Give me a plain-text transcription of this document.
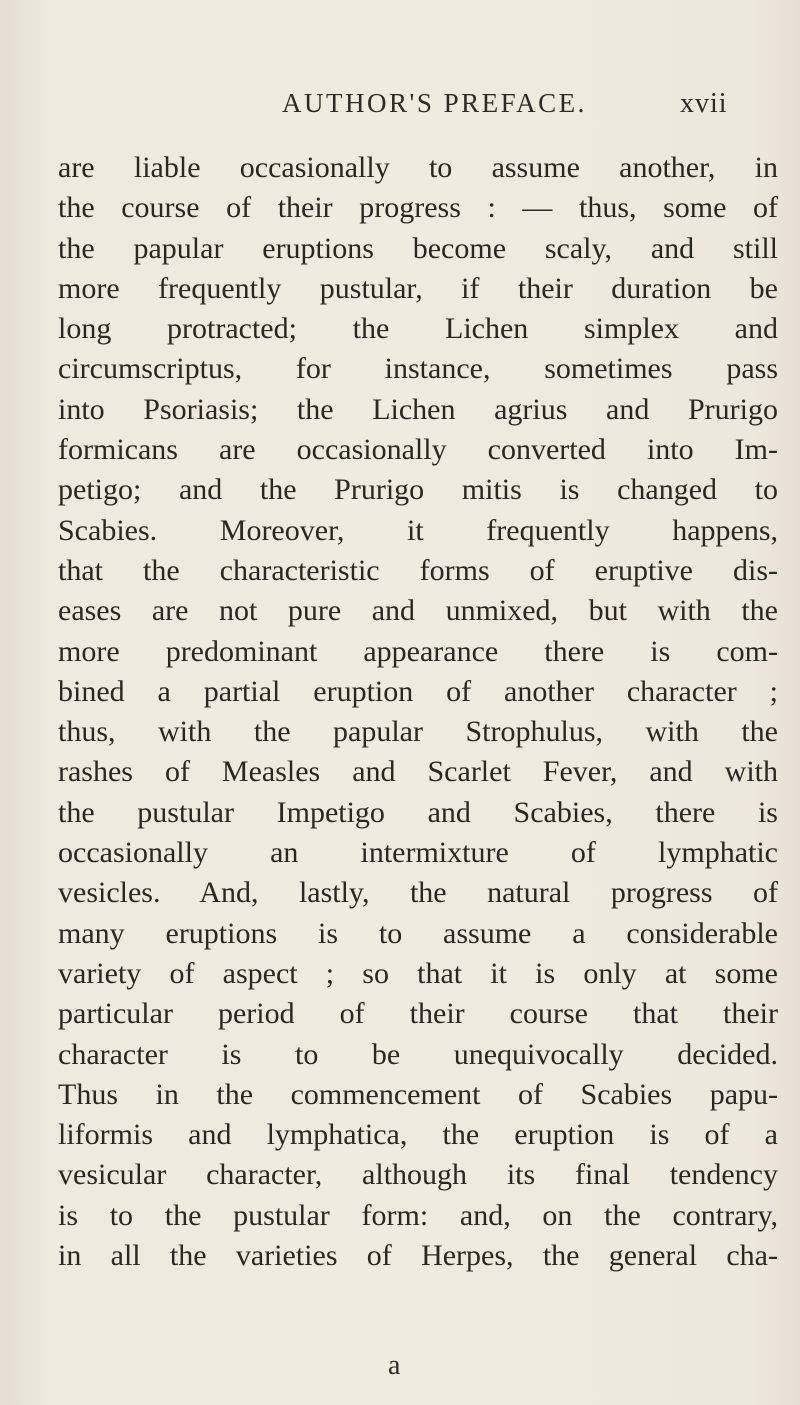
AUTHOR'S PREFACE.	xvii
are liable occasionally to assume another, in
the course of their progress : — thus, some of
the papular eruptions become scaly, and still
more frequently pustular, if their duration be
long protracted; the Lichen simplex and
circumscriptus, for instance, sometimes pass
into Psoriasis; the Lichen agrius and Prurigo
formicans are occasionally converted into Im-
petigo; and the Prurigo mitis is changed to
Scabies. Moreover, it frequently happens,
that the characteristic forms of eruptive dis-
eases are not pure and unmixed, but with the
more predominant appearance there is com-
bined a partial eruption of another character ;
thus, with the papular Strophulus, with the
rashes of Measles and Scarlet Fever, and with
the pustular Impetigo and Scabies, there is
occasionally an intermixture of lymphatic
vesicles. And, lastly, the natural progress of
many eruptions is to assume a considerable
variety of aspect ; so that it is only at some
particular period of their course that their
character is to be unequivocally decided.
Thus in the commencement of Scabies papu-
liformis and lymphatica, the eruption is of a
vesicular character, although its final tendency
is to the pustular form: and, on the contrary,
in all the varieties of Herpes, the general cha-
a
